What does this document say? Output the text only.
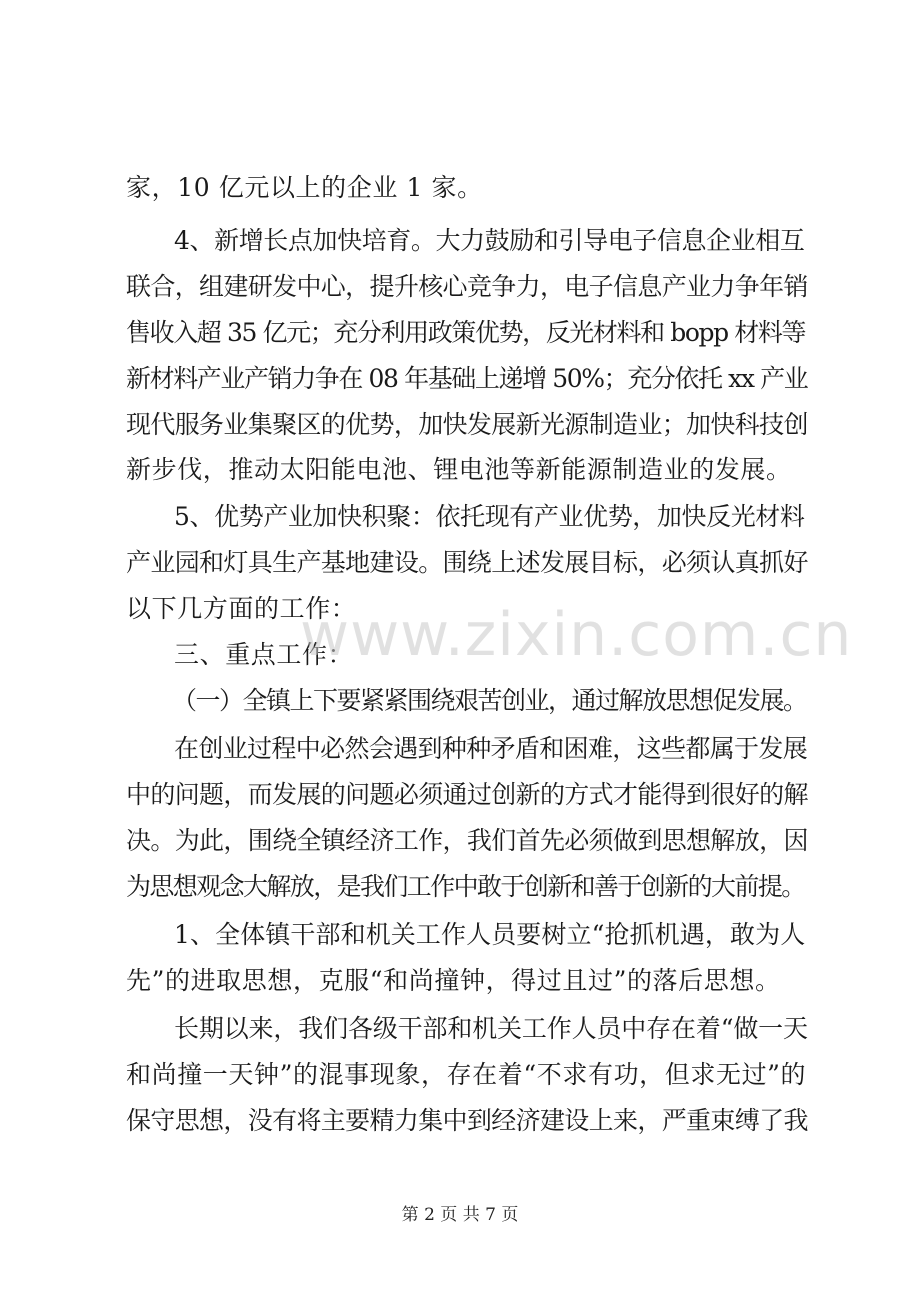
家，10 亿元以上的企业 1 家。
4、新增长点加快培育。大力鼓励和引导电子信息企业相互
联合，组建研发中心，提升核心竞争力，电子信息产业力争年销
售收入超 35 亿元；充分利用政策优势，反光材料和 bopp 材料等
新材料产业产销力争在 08 年基础上递增 50%；充分依托 xx 产业
现代服务业集聚区的优势，加快发展新光源制造业；加快科技创
新步伐，推动太阳能电池、锂电池等新能源制造业的发展。
5、优势产业加快积聚：依托现有产业优势，加快反光材料
产业园和灯具生产基地建设。围绕上述发展目标，必须认真抓好
以下几方面的工作：
三、重点工作：
（一）全镇上下要紧紧围绕艰苦创业，通过解放思想促发展。
在创业过程中必然会遇到种种矛盾和困难，这些都属于发展
中的问题，而发展的问题必须通过创新的方式才能得到很好的解
决。为此，围绕全镇经济工作，我们首先必须做到思想解放，因
为思想观念大解放，是我们工作中敢于创新和善于创新的大前提。
1、全体镇干部和机关工作人员要树立“抢抓机遇，敢为人
先”的进取思想，克服“和尚撞钟，得过且过”的落后思想。
长期以来，我们各级干部和机关工作人员中存在着“做一天
和尚撞一天钟”的混事现象，存在着“不求有功，但求无过”的
保守思想，没有将主要精力集中到经济建设上来，严重束缚了我
www.zixin.com.cn
第 2 页 共 7 页
